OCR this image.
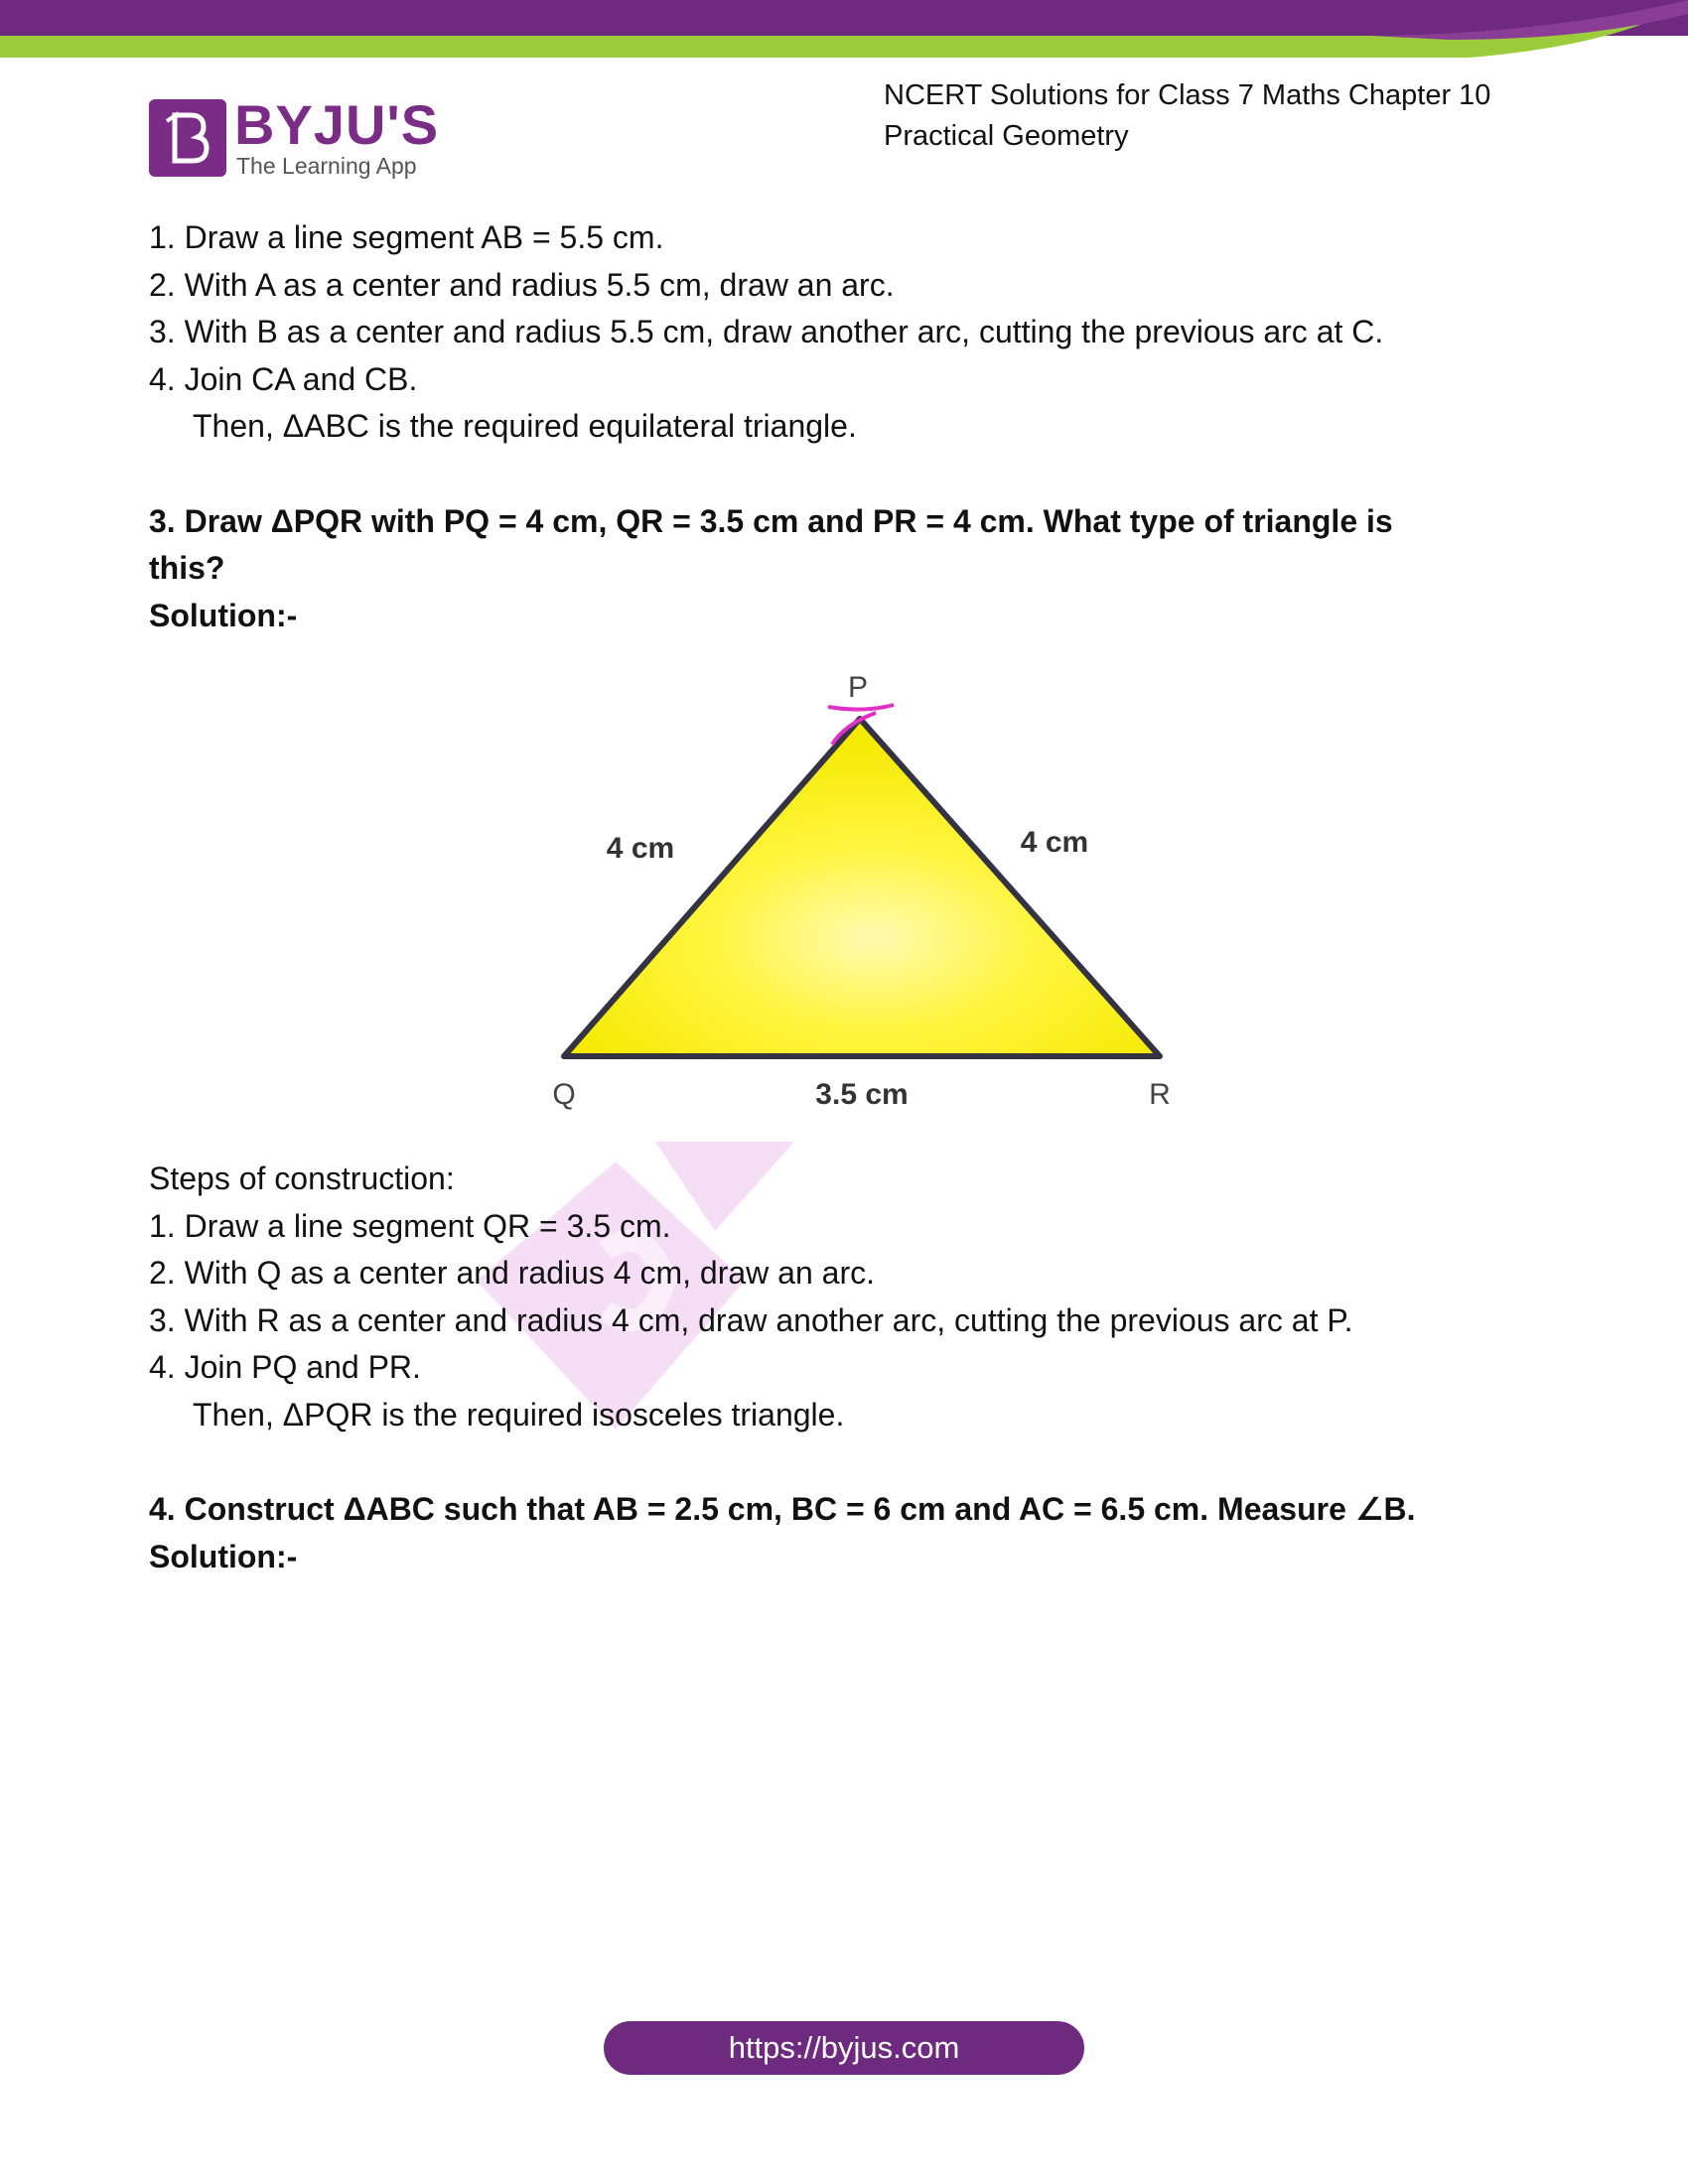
BYJU'S
The Learning App
NCERT Solutions for Class 7 Maths Chapter 10
Practical Geometry

1. Draw a line segment AB = 5.5 cm.

2. With A as a center and radius 5.5 cm, draw an arc.

3. With B as a center and radius 5.5 cm, draw another arc, cutting the previous arc at C.

4. Join CA and CB.

Then, ΔABC is the required equilateral triangle.

3. Draw ΔPQR with PQ = 4 cm, QR = 3.5 cm and PR = 4 cm. What type of triangle is

this?

Solution:-

P
Q	R
4 cm	4 cm
3.5 cm

Steps of construction:

1. Draw a line segment QR = 3.5 cm.

2. With Q as a center and radius 4 cm, draw an arc.

3. With R as a center and radius 4 cm, draw another arc, cutting the previous arc at P.

4. Join PQ and PR.

Then, ΔPQR is the required isosceles triangle.

4. Construct ΔABC such that AB = 2.5 cm, BC = 6 cm and AC = 6.5 cm. Measure ∠B.

Solution:-

https://byjus.com
